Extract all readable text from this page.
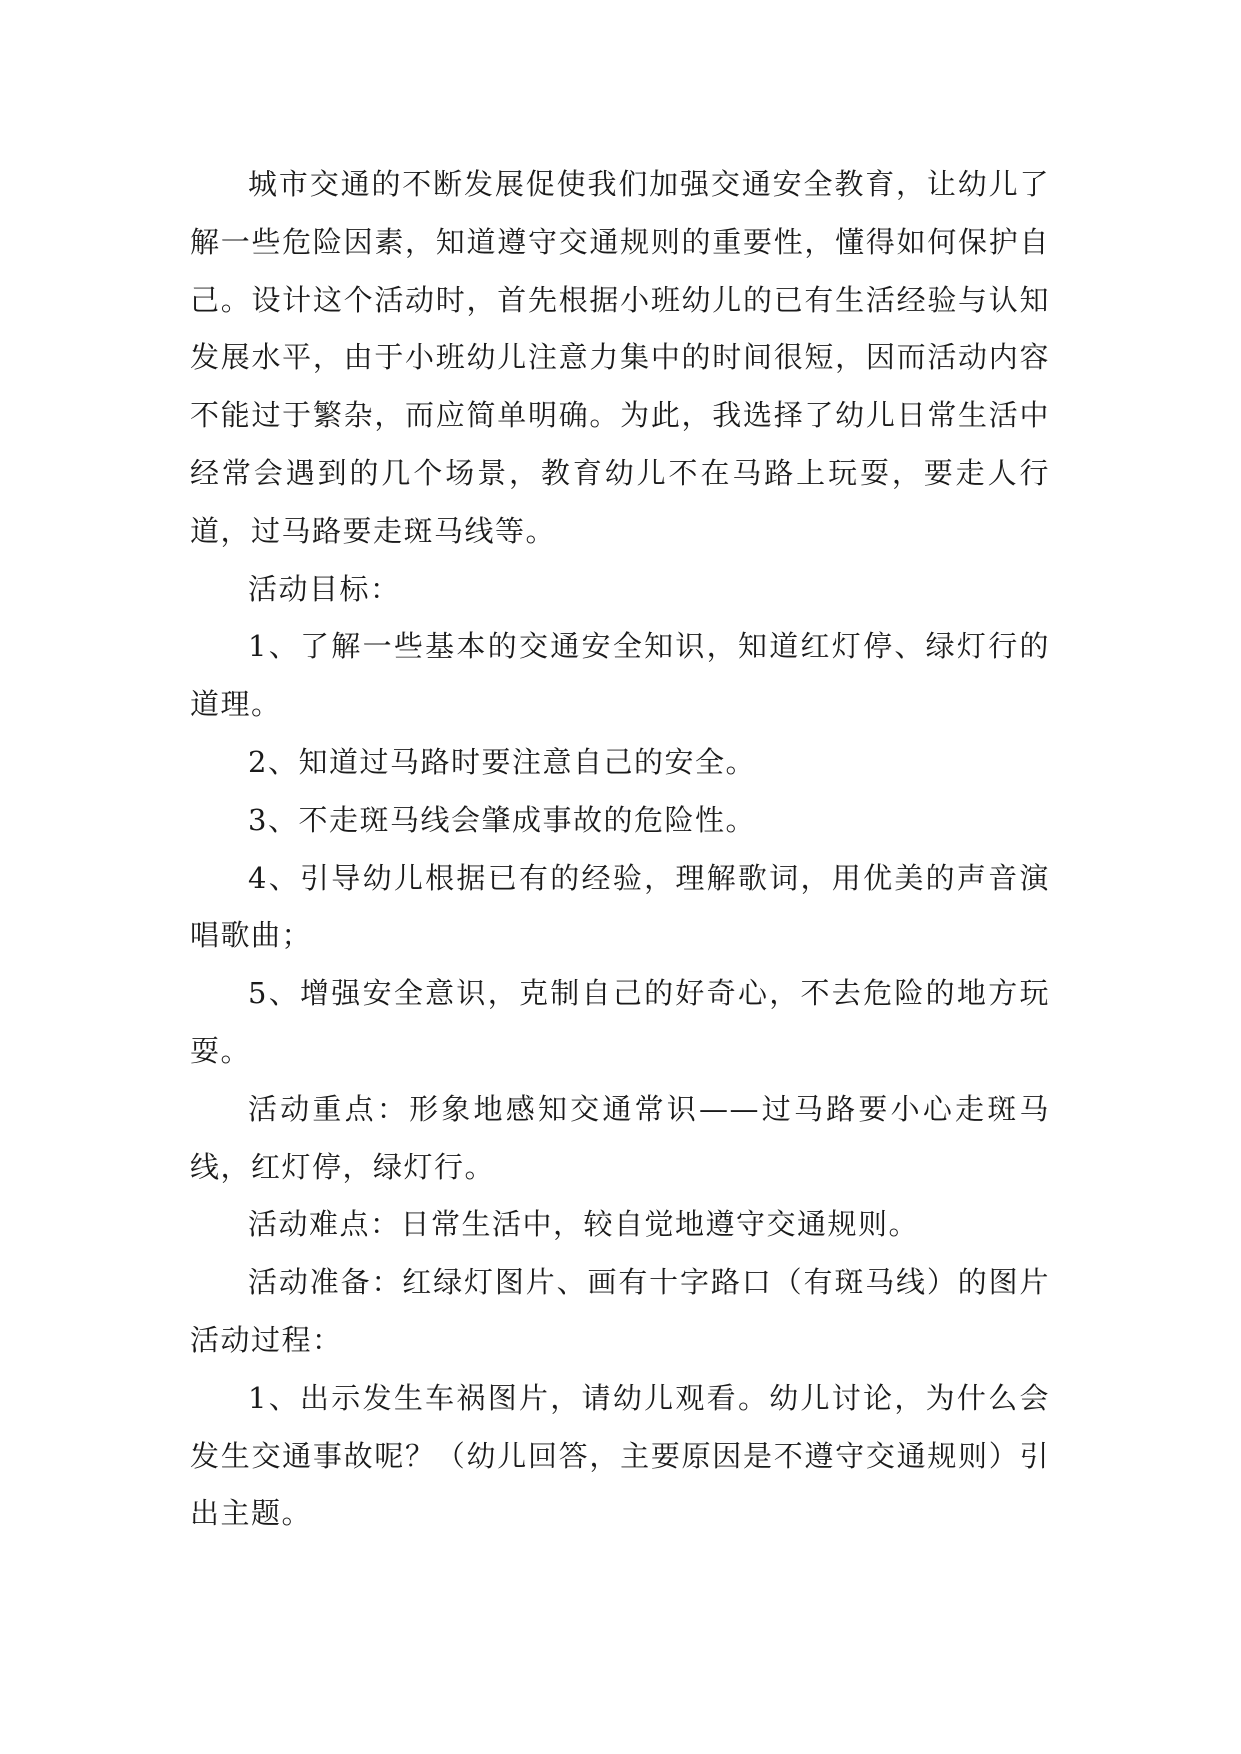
城市交通的不断发展促使我们加强交通安全教育，让幼儿了解一些危险因素，知道遵守交通规则的重要性，懂得如何保护自己。设计这个活动时，首先根据小班幼儿的已有生活经验与认知发展水平，由于小班幼儿注意力集中的时间很短，因而活动内容不能过于繁杂，而应简单明确。为此，我选择了幼儿日常生活中经常会遇到的几个场景，教育幼儿不在马路上玩耍，要走人行道，过马路要走斑马线等。

活动目标：

1、了解一些基本的交通安全知识，知道红灯停、绿灯行的道理。

2、知道过马路时要注意自己的安全。

3、不走斑马线会肇成事故的危险性。

4、引导幼儿根据已有的经验，理解歌词，用优美的声音演唱歌曲；

5、增强安全意识，克制自己的好奇心，不去危险的地方玩耍。

活动重点：形象地感知交通常识——过马路要小心走斑马线，红灯停，绿灯行。

活动难点：日常生活中，较自觉地遵守交通规则。

活动准备：红绿灯图片、画有十字路口（有斑马线）的图片活动过程：

1、出示发生车祸图片，请幼儿观看。幼儿讨论，为什么会发生交通事故呢？（幼儿回答，主要原因是不遵守交通规则）引出主题。
